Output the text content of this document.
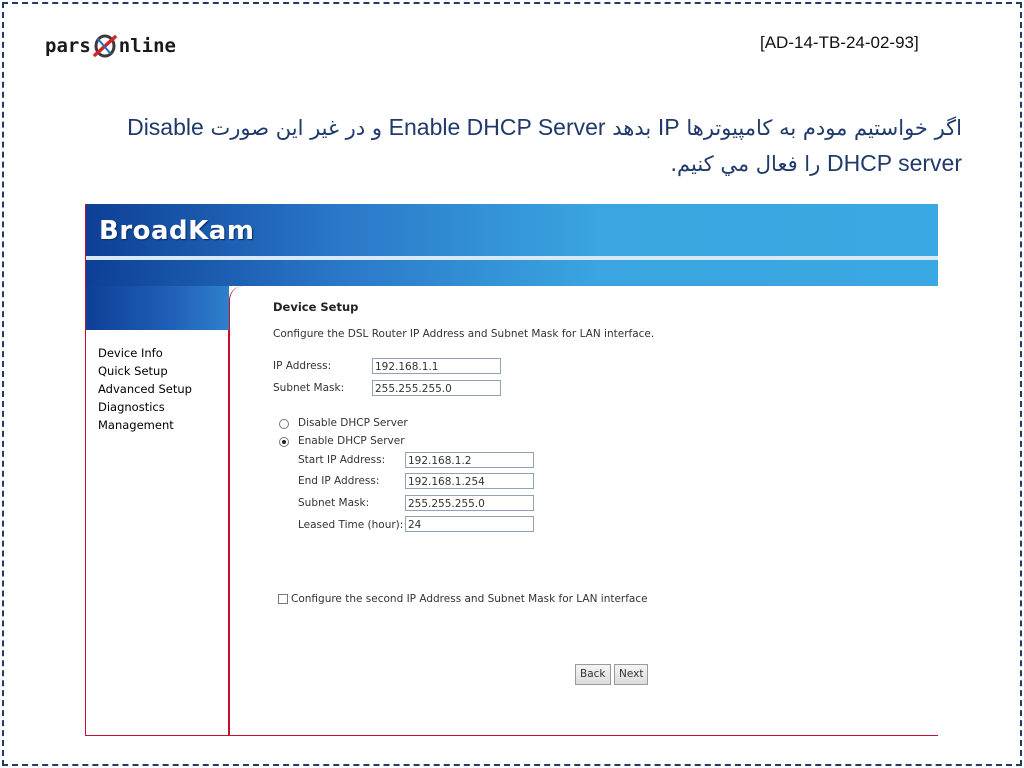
pars nline	[AD-14-TB-24-02-93]
اگر خواستیم مودم به کامپیوترها IP بدهد Enable DHCP Server و در غیر این صورت Disable
DHCP server را فعال مي كنيم.
BroadKam
Device Info
Quick Setup
Advanced Setup
Diagnostics
Management
Device Setup
Configure the DSL Router IP Address and Subnet Mask for LAN interface.
IP Address:	192.168.1.1
Subnet Mask:	255.255.255.0
Disable DHCP Server
Enable DHCP Server
Start IP Address: 192.168.1.2
End IP Address:	192.168.1.254
Subnet Mask:	255.255.255.0
Leased Time (hour): 24
Configure the second IP Address and Subnet Mask for LAN interface
Back	Next
